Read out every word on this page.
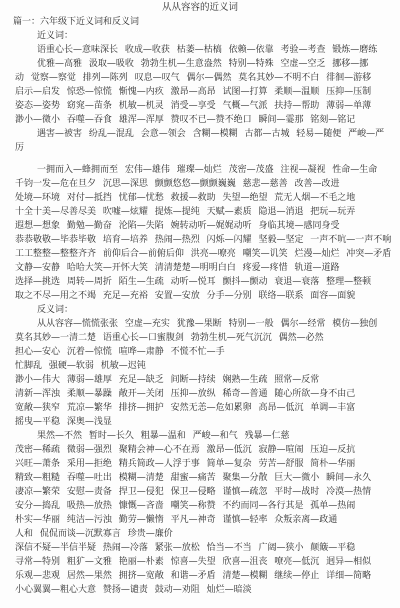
从从容容的近义词
篇一：六年级下近义词和反义词
近义词：
语重心长—意味深长 收成—收获 枯萎—枯槁 依赖—依靠 考验—考查 锻炼—磨练
优雅—高雅 汲取—吸收 勃勃生机—生意盎然 特别—特殊 空虚—空乏 挪移—挪
动 觉察—察觉 排列—陈列 叹息—叹气 偶尔—偶然 莫名其妙—不明不白 徘徊—游移
启示—启发 惊恐—惊慌 惭愧—内疚 激昂—高昂 试图—打算 柔顺—温顺 压抑—压制
姿态—姿势 窈窕—苗条 机敏—机灵 消受—享受 气概—气派 扶持—帮助 薄弱—单薄
渺小—微小 吞噬—吞食 雄浑—浑厚 赞叹不已—赞不绝口 瞬间—霎那 铭刻—铭记
遇害—被害 纷乱—混乱 会意—领会 含糊—模糊 古都—古城 轻易—随便 严峻—严
厉
一拥而入—蜂拥而至 宏伟—雄伟 璀璨—灿烂 茂密—茂盛 注视—凝视 性命—生命
千钧一发—危在旦夕 沉思—深思 颤颤悠悠—颤颤巍巍 慈悲—慈善 改善—改进
处境—环境 对付—抵挡 忧郁—忧愁 救援—救助 失望—绝望 荒无人烟—不毛之地
十全十美—尽善尽美 吹嘘—炫耀 提炼—提纯 天赋—素质 隐退—消退 把玩—玩弄
遐想—想象 勤勉—勤奋 沦陷—失陷 婉转动听—娓娓动听 身临其境—感同身受
恭恭敬敬—毕恭毕敬 培育—培养 热闹—热烈 闪烁—闪耀 坚毅—坚定 一声不吭—一声不响
工工整整—整整齐齐 前仰后合—前俯后仰 洪亮—嘹亮 嘲笑—讥笑 烂漫—灿烂 冲突—矛盾
文静—安静 哈哈大笑—开怀大笑 清清楚楚—明明白白 疼爱—疼惜 轨道—道路
选择—挑选 周转—周折 陌生—生疏 动听—悦耳 颤抖—颤动 衰退—衰落 整理—整顿
取之不尽—用之不竭 充足—充裕 安置—安放 分手—分别 联络—联系 面容—面貌
反义词：
从从容容—慌慌张张 空虚—充实 犹豫—果断 特别—一般 偶尔—经常 模仿—独创
莫名其妙—一清二楚 语重心长—口蜜腹剑 勃勃生机—死气沉沉 偶然—必然
担心—安心 沉着—惊慌 喧哗—肃静 不慌不忙—手
忙脚乱 强硬—软弱 机敏—迟钝
渺小—伟大 薄弱—雄厚 充足—缺乏 间断—持续 娴熟—生疏 照常—反常
清新—浑浊 柔顺—暴躁 敞开—关闭 压抑—放纵 稀奇—普通 随心所欲—身不由己
宽敞—狭窄 荒凉—繁华 排挤—拥护 安然无恙—危如累卵 高昂—低沉 单调—丰富
摇曳—平稳 深奥—浅显
果然—不然 暂时—长久 粗暴—温和 严峻—和气 残暴—仁慈
茂密—稀疏 微弱—强烈 聚精会神—心不在焉 激昂—低沉 寂静—喧闹 压迫—反抗
兴旺—萧条 采用—拒绝 精兵简政—人浮于事 简单—复杂 劳苦—舒服 简朴—华丽
精致—粗糙 吞噬—吐出 模糊—清楚 甜蜜—痛苦 聚集—分散 巨大—微小 瞬间—永久
凄凉—繁荣 安慰—责备 捍卫—侵犯 保卫—侵略 谨慎—疏忽 平时—战时 冷漠—热情
安分—捣乱 吸热—放热 慷慨—吝啬 嘲笑—称赞 不约而同—各行其是 孤单—热闹
朴实—华丽 纯洁—污浊 勤劳—懒惰 平凡—神奇 谨慎—轻率 众叛亲离—政通
人和 侃侃而谈—沉默寡言 珍贵—廉价
深信不疑—半信半疑 热闹—冷落 紧张—放松 恰当—不当 广阔—狭小 颠簸—平稳
寻常—特别 粗犷—文雅 艳丽—朴素 惊喜—失望 欣喜—沮丧 嘹亮—低沉 迥异—相似
乐观—悲观 居然—果然 拥挤—宽敞 和谐—矛盾 清楚—模糊 继续—停止 详细—简略
小心翼翼—粗心大意 赞扬—谴责 鼓动—劝阻 灿烂—暗淡
